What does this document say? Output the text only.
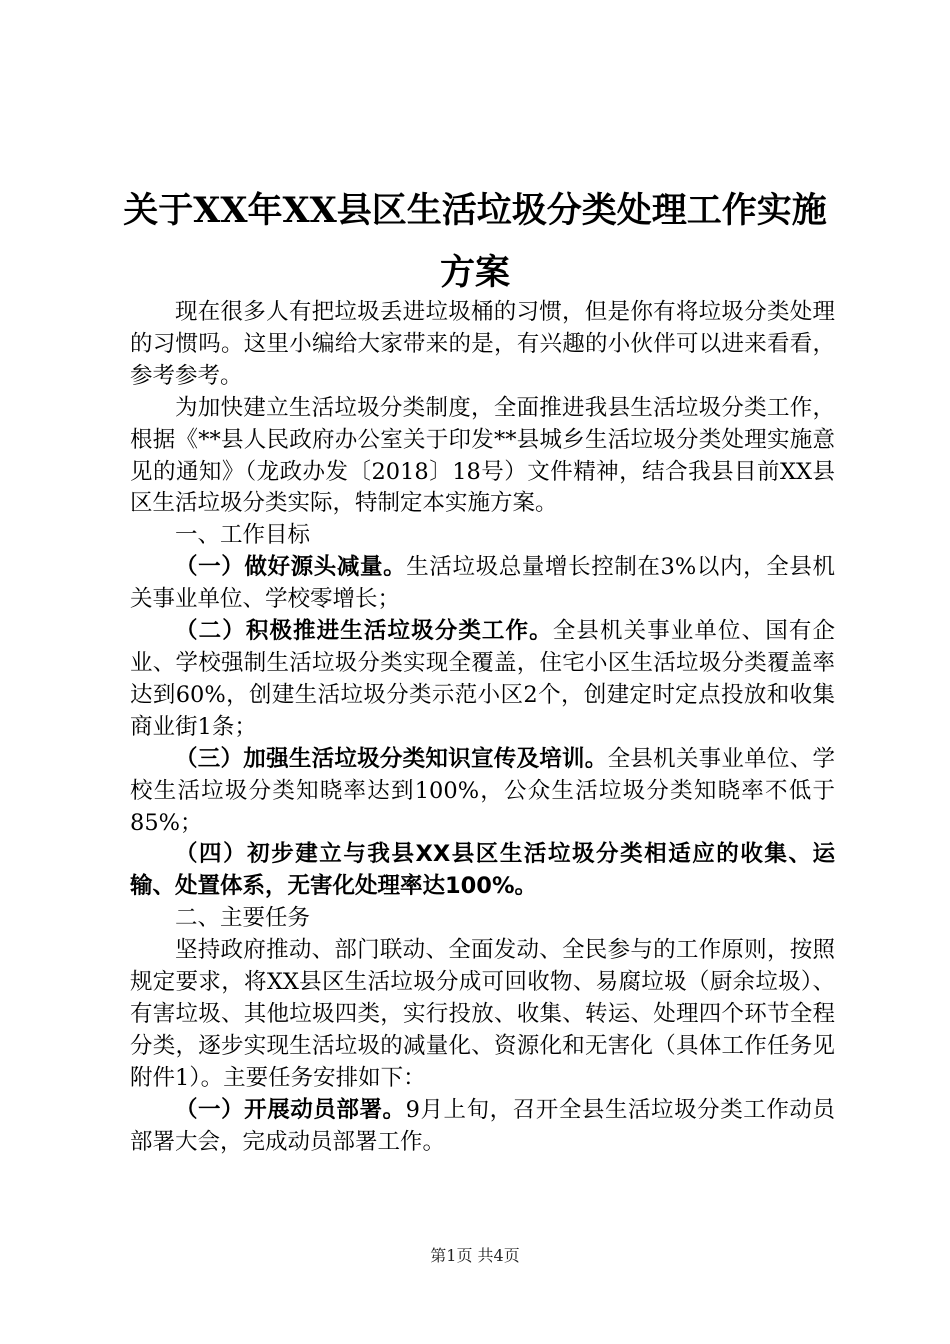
关于XX年XX县区生活垃圾分类处理工作实施
方案

现在很多人有把垃圾丢进垃圾桶的习惯，但是你有将垃圾分类处理的习惯吗。这里小编给大家带来的是，有兴趣的小伙伴可以进来看看，参考参考。

为加快建立生活垃圾分类制度，全面推进我县生活垃圾分类工作，根据《**县人民政府办公室关于印发**县城乡生活垃圾分类处理实施意见的通知》（龙政办发〔2018〕18号）文件精神，结合我县目前XX县区生活垃圾分类实际，特制定本实施方案。

一、工作目标

（一）做好源头减量。生活垃圾总量增长控制在3%以内，全县机关事业单位、学校零增长；

（二）积极推进生活垃圾分类工作。全县机关事业单位、国有企业、学校强制生活垃圾分类实现全覆盖，住宅小区生活垃圾分类覆盖率达到60%，创建生活垃圾分类示范小区2个，创建定时定点投放和收集商业街1条；

（三）加强生活垃圾分类知识宣传及培训。全县机关事业单位、学校生活垃圾分类知晓率达到100%，公众生活垃圾分类知晓率不低于85%；

（四）初步建立与我县XX县区生活垃圾分类相适应的收集、运输、处置体系，无害化处理率达100%。

二、主要任务

坚持政府推动、部门联动、全面发动、全民参与的工作原则，按照规定要求，将XX县区生活垃圾分成可回收物、易腐垃圾（厨余垃圾）、有害垃圾、其他垃圾四类，实行投放、收集、转运、处理四个环节全程分类，逐步实现生活垃圾的减量化、资源化和无害化（具体工作任务见附件1）。主要任务安排如下：

（一）开展动员部署。9月上旬，召开全县生活垃圾分类工作动员部署大会，完成动员部署工作。

第1页 共4页
